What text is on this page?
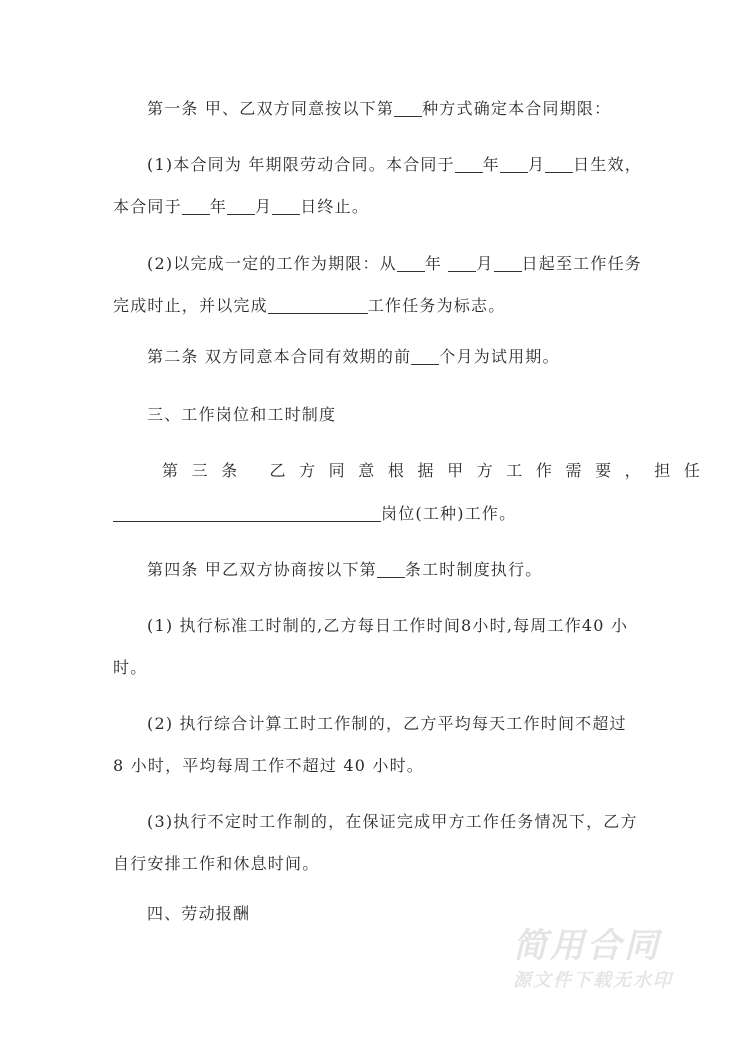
第一条 甲、乙双方同意按以下第 种方式确定本合同期限：
(1)本合同为 年期限劳动合同。本合同于 年 月 日生效，
本合同于 年 月 日终止。
(2)以完成一定的工作为期限：从 年 月 日起至工作任务
完成时止，并以完成	工作任务为标志。
第二条 双方同意本合同有效期的前 个月为试用期。
三、工作岗位和工时制度
第三条 乙方同意根据甲方工作需要，担任
岗位(工种)工作。
第四条 甲乙双方协商按以下第 条工时制度执行。
(1) 执行标准工时制的,乙方每日工作时间8小时,每周工作40 小
时。
(2) 执行综合计算工时工作制的，乙方平均每天工作时间不超过
8 小时，平均每周工作不超过 40 小时。
(3)执行不定时工作制的，在保证完成甲方工作任务情况下，乙方
自行安排工作和休息时间。
四、劳动报酬
简用合同
源文件下载无水印
